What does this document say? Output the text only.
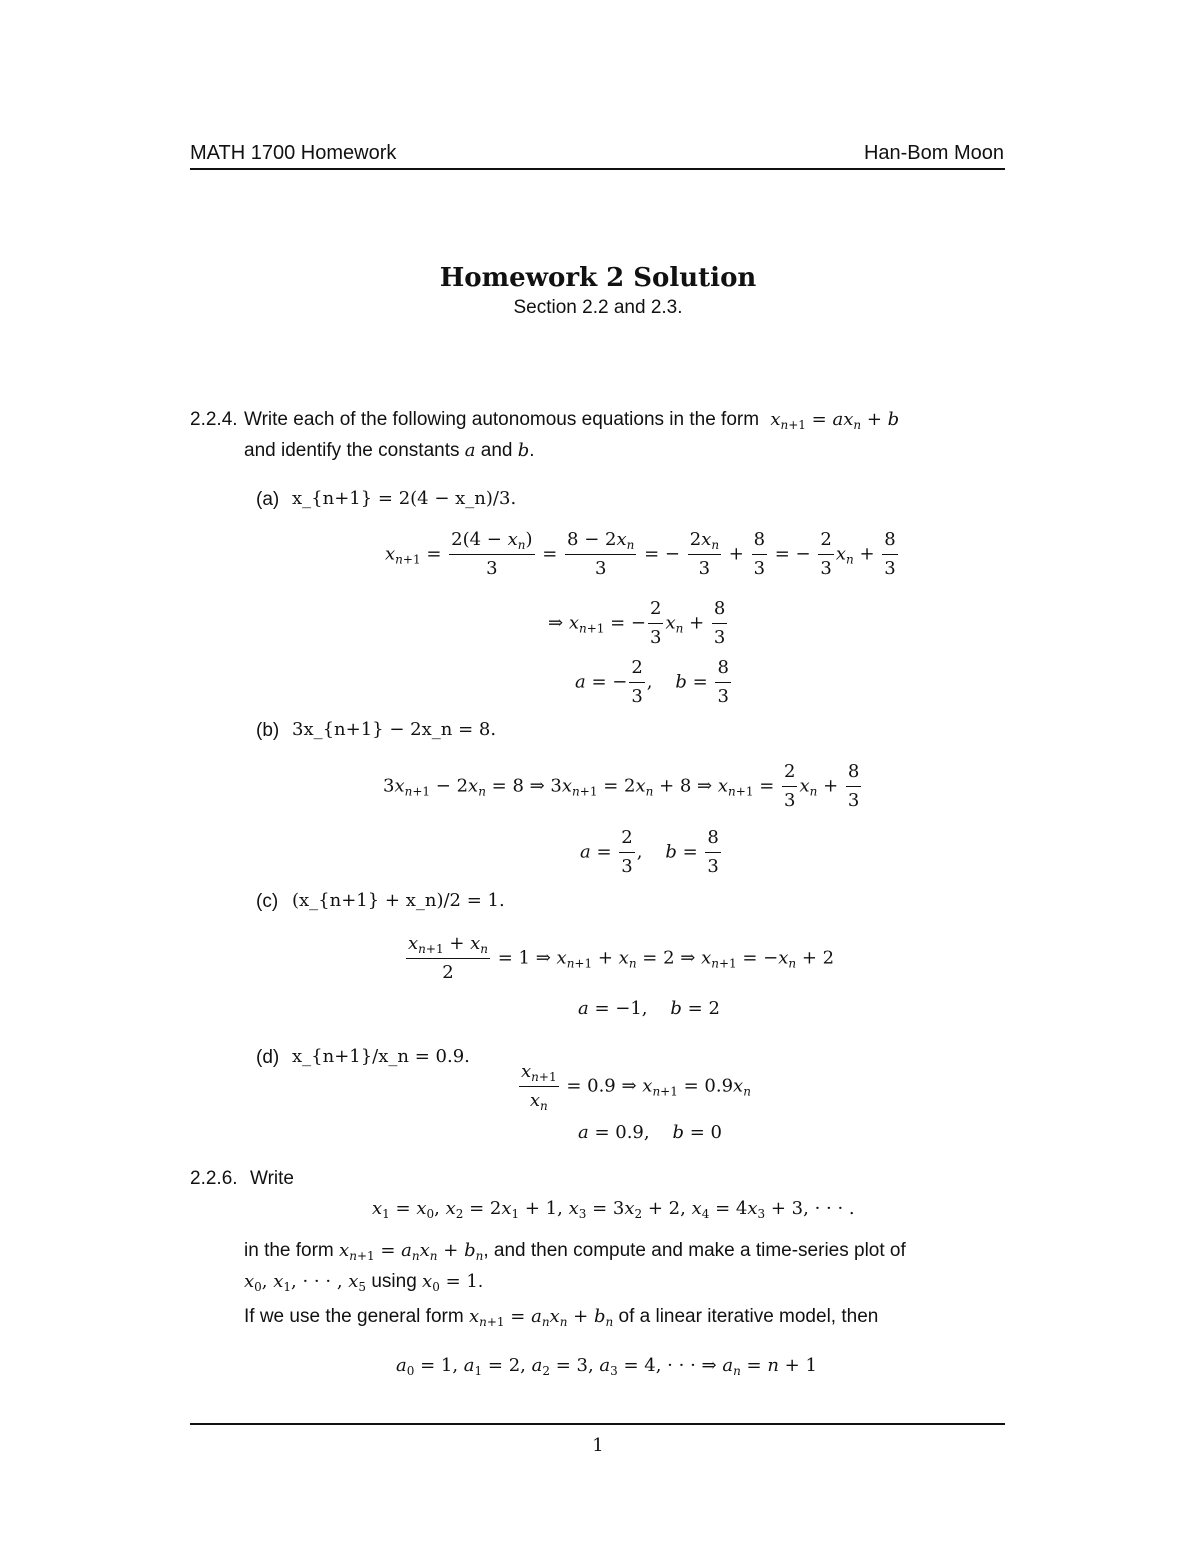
MATH 1700 Homework	Han-Bom Moon
Homework 2 Solution
Section 2.2 and 2.3.
2.2.4. Write each of the following autonomous equations in the form $x_{n+1} = ax_n + b$
and identify the constants a and b.
(a) x_{n+1} = 2(4 − x_n)/3.
$x_{n+1} = \frac{2(4 - x_n)}{3} = \frac{8 - 2x_n}{3}$ = − $\frac{2x_n}{3} + \frac{8}{3}$ = − $\frac{2}{3} x_n + \frac{8}{3}$
⇒ $x_{n+1}$ = − $\frac{2}{3} x_n + \frac{8}{3}$
a = − $\frac{2}{3}$ ,    $b = \frac{8}{3}$
(b) 3x_{n+1} − 2x_n = 8.
$3x_{n+1} - 2x_n = 8$ ⇒ $3x_{n+1} = 2x_n + 8$ ⇒ $x_{n+1} = \frac{2}{3} x_n + \frac{8}{3}$
$a = \frac{2}{3}$ ,    $b = \frac{8}{3}$
(c) (x_{n+1} + x_n)/2 = 1.
$\frac{x_{n+1} + x_n}{2} = 1$ ⇒ $x_{n+1} + x_n = 2$ ⇒ $x_{n+1} = -x_n + 2$
a = −1,    b = 2
(d) x_{n+1}/x_n = 0.9.
$\frac{x_{n+1}}{x_n} = 0.9$ ⇒ $x_{n+1} = 0.9x_n$
a = 0.9,    b = 0
2.2.6. Write
$x_1 = x_0$, $x_2 = 2x_1 + 1$, $x_3 = 3x_2 + 2$, $x_4 = 4x_3 + 3$, · · · .
in the form $x_{n+1} = a_nx_n + b_n$, and then compute and make a time-series plot of
$x_0$, $x_1$, · · · , $x_5$ using $x_0 = 1$.
If we use the general form $x_{n+1} = a_nx_n + b_n$ of a linear iterative model, then
$a_0 = 1$, $a_1 = 2$, $a_2 = 3$, $a_3 = 4$, · · · ⇒ $a_n = n + 1$
1
